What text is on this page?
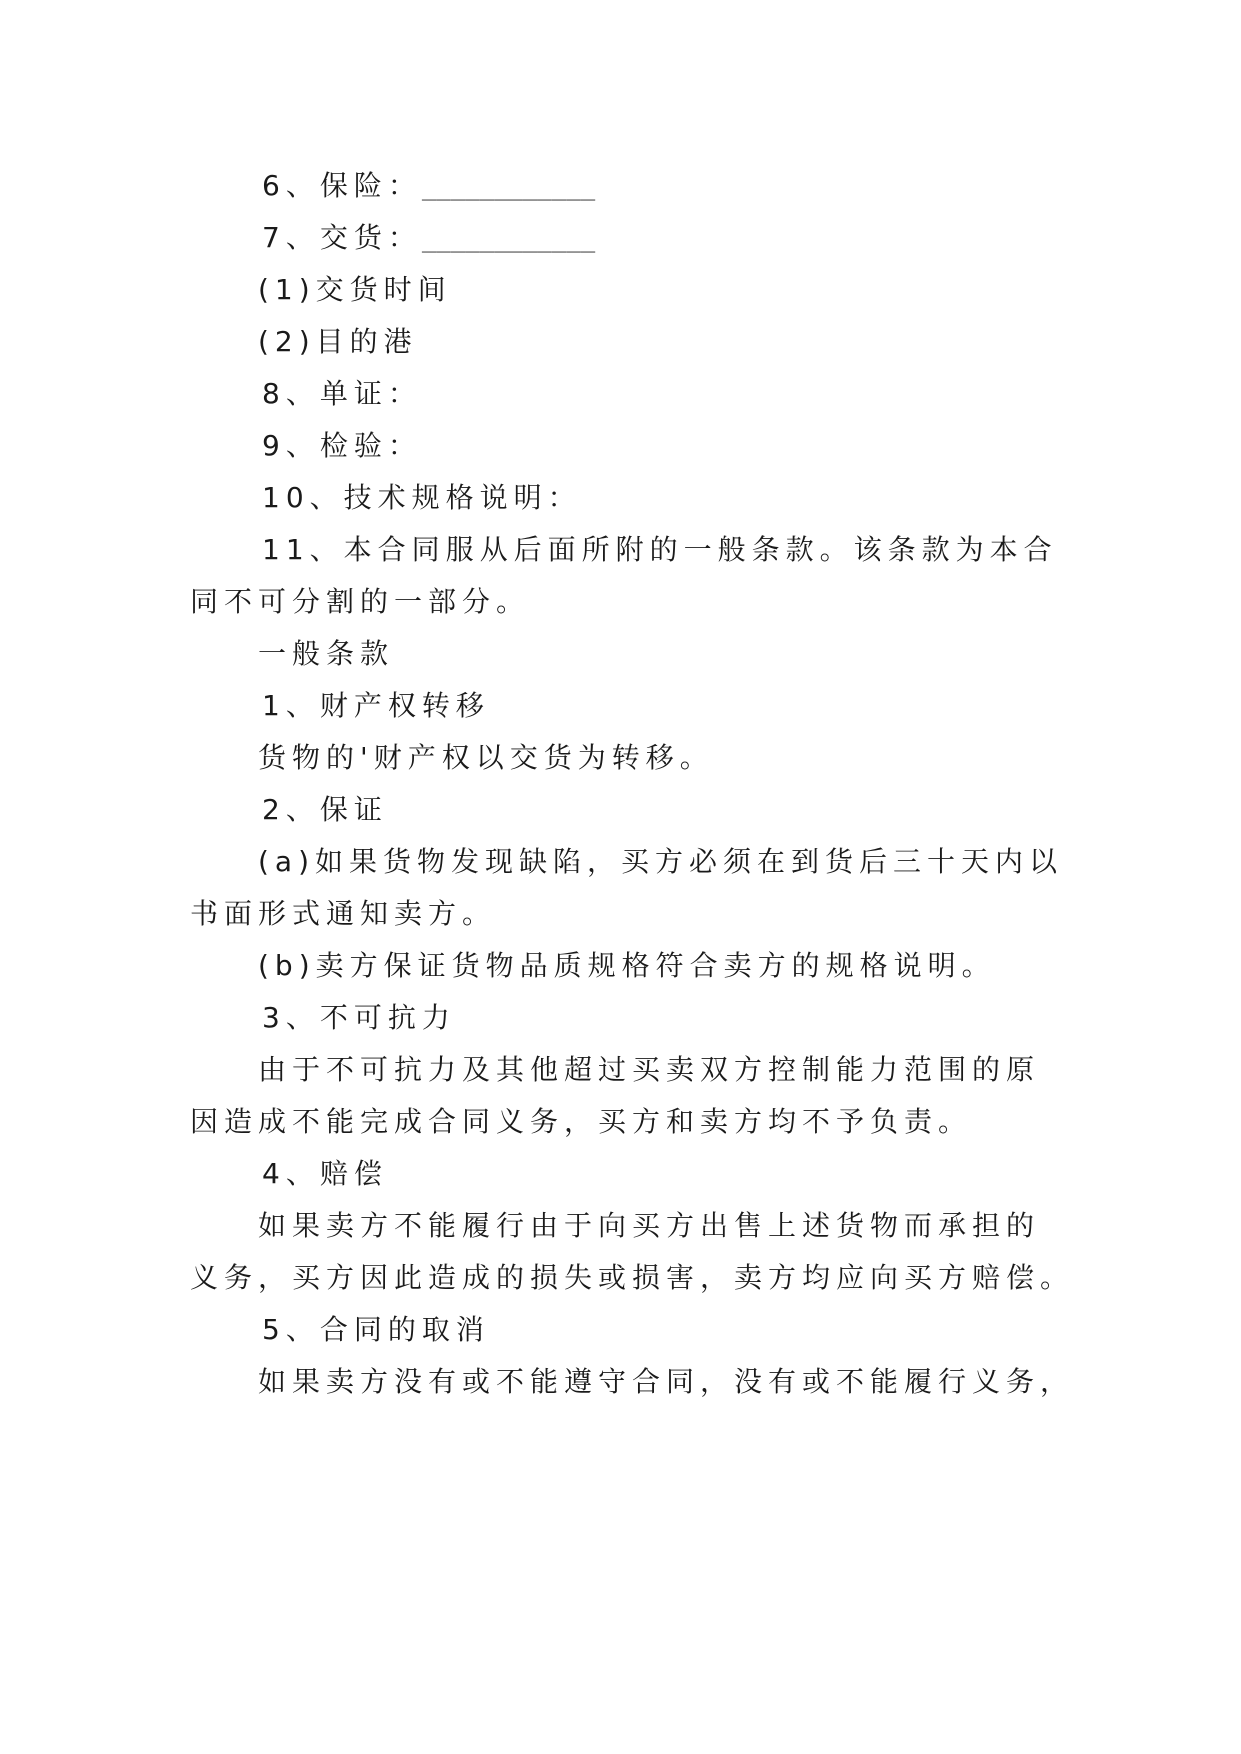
6、保险：____________
7、交货：____________
(1)交货时间
(2)目的港
8、单证：
9、检验：
10、技术规格说明：
11、本合同服从后面所附的一般条款。该条款为本合
同不可分割的一部分。
一般条款
1、财产权转移
货物的'财产权以交货为转移。
2、保证
(a)如果货物发现缺陷，买方必须在到货后三十天内以
书面形式通知卖方。
(b)卖方保证货物品质规格符合卖方的规格说明。
3、不可抗力
由于不可抗力及其他超过买卖双方控制能力范围的原
因造成不能完成合同义务，买方和卖方均不予负责。
4、赔偿
如果卖方不能履行由于向买方出售上述货物而承担的
义务，买方因此造成的损失或损害，卖方均应向买方赔偿。
5、合同的取消
如果卖方没有或不能遵守合同，没有或不能履行义务，
